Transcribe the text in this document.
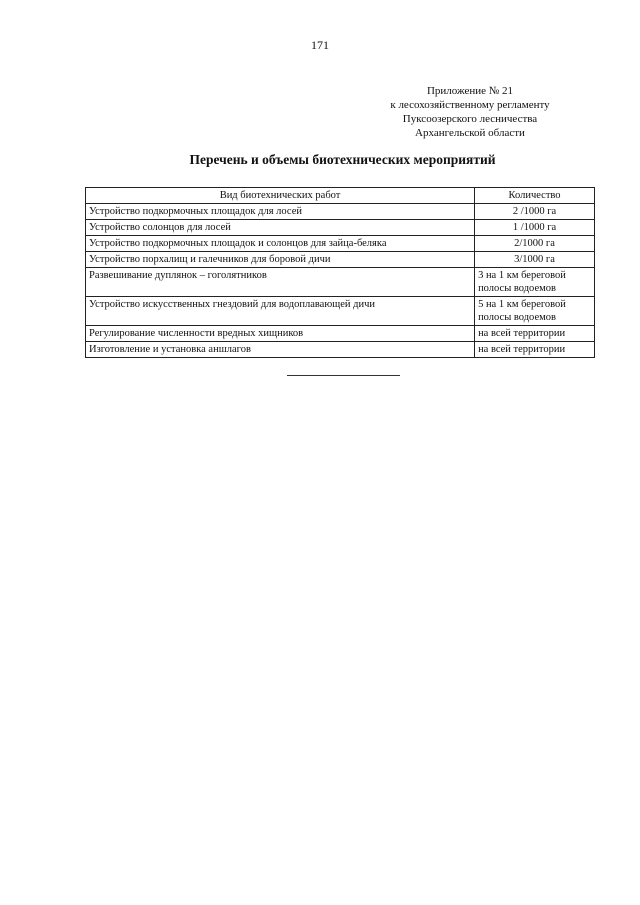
171
Приложение № 21
к лесохозяйственному регламенту
Пуксоозерского лесничества
Архангельской области
Перечень и объемы биотехнических мероприятий
Вид биотехнических работ	Количество
Устройство подкормочных площадок для лосей	2 /1000 га
Устройство солонцов для лосей	1 /1000 га
Устройство подкормочных площадок и солонцов для зайца-беляка	2/1000 га
Устройство порхалищ и галечников для боровой дичи	3/1000 га
Развешивание дуплянок – гоголятников	3 на 1 км береговой
полосы водоемов

Устройство искусственных гнездовий для водоплавающей дичи	5 на 1 км береговой
полосы водоемов

Регулирование численности вредных хищников	на всей территории
Изготовление и установка аншлагов	на всей территории
